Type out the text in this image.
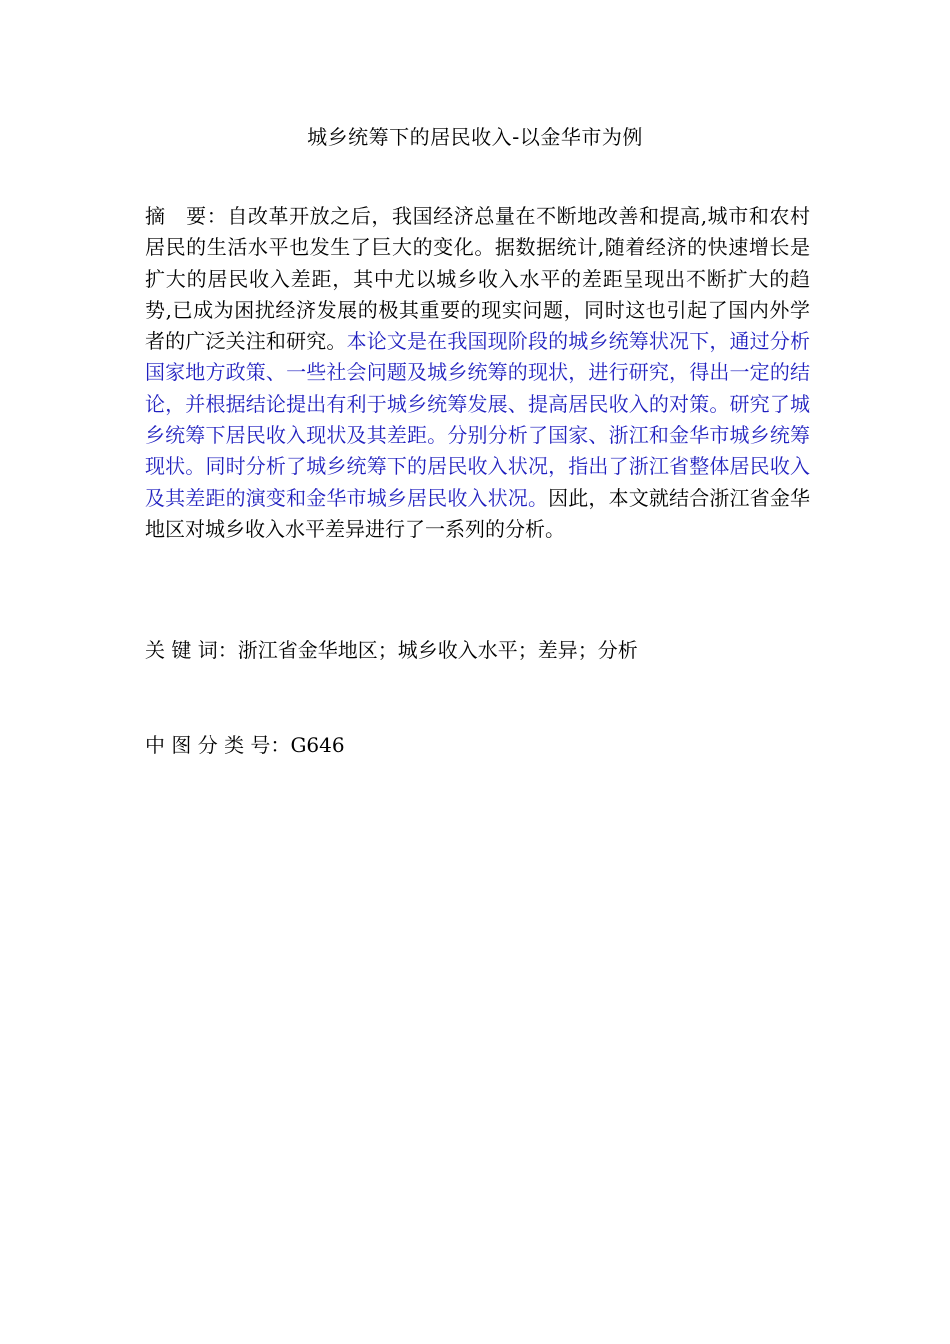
城乡统筹下的居民收入-以金华市为例
摘　要：自改革开放之后，我国经济总量在不断地改善和提高,城市和农村居民的生活水平也发生了巨大的变化。据数据统计,随着经济的快速增长是扩大的居民收入差距，其中尤以城乡收入水平的差距呈现出不断扩大的趋势,已成为困扰经济发展的极其重要的现实问题，同时这也引起了国内外学者的广泛关注和研究。本论文是在我国现阶段的城乡统筹状况下，通过分析国家地方政策、一些社会问题及城乡统筹的现状，进行研究，得出一定的结论，并根据结论提出有利于城乡统筹发展、提高居民收入的对策。研究了城乡统筹下居民收入现状及其差距。分别分析了国家、浙江和金华市城乡统筹现状。同时分析了城乡统筹下的居民收入状况，指出了浙江省整体居民收入及其差距的演变和金华市城乡居民收入状况。因此，本文就结合浙江省金华地区对城乡收入水平差异进行了一系列的分析。
关 键 词：浙江省金华地区；城乡收入水平；差异；分析
中 图 分 类 号：G646
